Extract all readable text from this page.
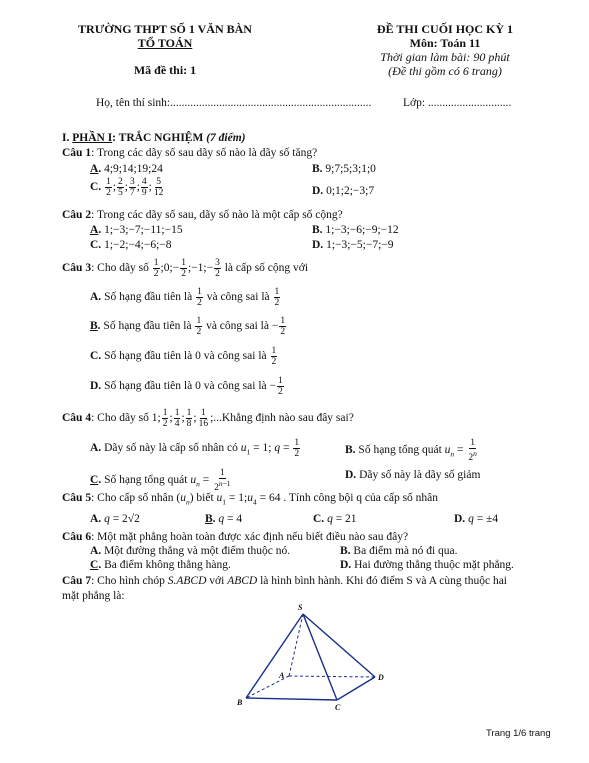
TRƯỜNG THPT SỐ 1 VĂN BÀN
TỔ TOÁN
Mã đề thi: 1
ĐỀ THI CUỐI HỌC KỲ 1
Môn: Toán 11
Thời gian làm bài: 90 phút
(Đề thi gồm có 6 trang)
Họ, tên thí sinh:......................................................................	Lớp: .............................
I. PHẦN I: TRẮC NGHIỆM (7 điểm)
Câu 1: Trong các dãy số sau dãy số nào là dãy số tăng?
A. 4;9;14;19;24	B. 9;7;5;3;1;0
C. $\frac{1}{2}$ ; $\frac{2}{5}$ ; $\frac{3}{7}$ ; $\frac{4}{9}$ ; $\frac{5}{12}$	D. 0;1;2;−3;7
Câu 2: Trong các dãy số sau, dãy số nào là một cấp số cộng?
A. 1;−3;−7;−11;−15	B. 1;−3;−6;−9;−12
C. 1;−2;−4;−6;−8	D. 1;−3;−5;−7;−9
Câu 3: Cho dãy số $\frac{1}{2}$ ;0;− $\frac{1}{2}$ ;−1;− $\frac{3}{2}$ là cấp số cộng với
A. Số hạng đầu tiên là $\frac{1}{2}$ và công sai là $\frac{1}{2}$
B. Số hạng đầu tiên là $\frac{1}{2}$ và công sai là − $\frac{1}{2}$
C. Số hạng đầu tiên là 0 và công sai là $\frac{1}{2}$
D. Số hạng đầu tiên là 0 và công sai là − $\frac{1}{2}$
Câu 4: Cho dãy số 1; $\frac{1}{2}$ ; $\frac{1}{4}$ ; $\frac{1}{8}$ ; $\frac{1}{16}$ ;...Khẳng định nào sau đây sai?
A. Dãy số này là cấp số nhân có $u_1 = 1$; $q = \frac{1}{2}$	B. Số hạng tổng quát $u_n = \frac{1}{2^n}$
C. Số hạng tổng quát $u_n = \frac{1}{2^{n-1}}$	D. Dãy số này là dãy số giảm
Câu 5: Cho cấp số nhân $(u_n)$ biết $u_1$ = $1;u_4 = 64$ . Tính công bội q của cấp số nhân
A. q = 2√2	B. q = 4	C. q = 21	D. q = ±4
Câu 6: Một mặt phẳng hoàn toàn được xác định nếu biết điều nào sau đây?
A. Một đường thẳng và một điểm thuộc nó.	B. Ba điểm mà nó đi qua.
C. Ba điểm không thẳng hàng.	D. Hai đường thẳng thuộc mặt phẳng.
Câu 7: Cho hình chóp S.ABCD với ABCD là hình bình hành. Khi đó điểm S và A cùng thuộc hai
mặt phẳng là:
S
A
B
C
D
Trang 1/6 trang
